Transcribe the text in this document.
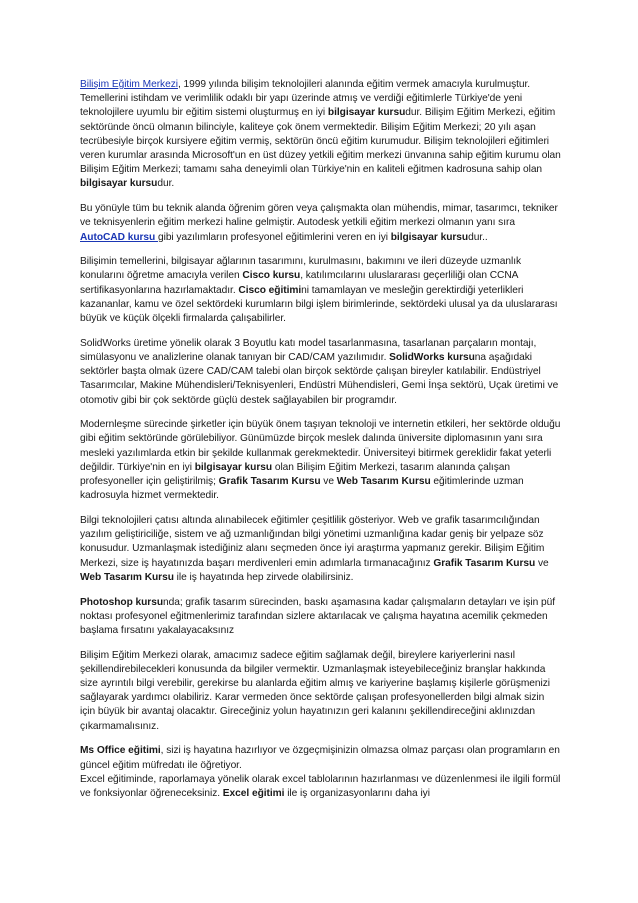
Bilişim Eğitim Merkezi, 1999 yılında bilişim teknolojileri alanında eğitim vermek amacıyla kurulmuştur. Temellerini istihdam ve verimlilik odaklı bir yapı üzerinde atmış ve verdiği eğitimlerle Türkiye'de yeni teknolojilere uyumlu bir eğitim sistemi oluşturmuş en iyi bilgisayar kursudur. Bilişim Eğitim Merkezi, eğitim sektöründe öncü olmanın bilinciyle, kaliteye çok önem vermektedir. Bilişim Eğitim Merkezi; 20 yılı aşan tecrübesiyle birçok kursiyere eğitim vermiş, sektörün öncü eğitim kurumudur. Bilişim teknolojileri eğitimleri veren kurumlar arasında Microsoft'un en üst düzey yetkili eğitim merkezi ünvanına sahip eğitim kurumu olan Bilişim Eğitim Merkezi; tamamı saha deneyimli olan Türkiye'nin en kaliteli eğitmen kadrosuna sahip olan bilgisayar kursudur.

Bu yönüyle tüm bu teknik alanda öğrenim gören veya çalışmakta olan mühendis, mimar, tasarımcı, tekniker ve teknisyenlerin eğitim merkezi haline gelmiştir. Autodesk yetkili eğitim merkezi olmanın yanı sıra AutoCAD kursu gibi yazılımların profesyonel eğitimlerini veren en iyi bilgisayar kursudur..

Bilişimin temellerini, bilgisayar ağlarının tasarımını, kurulmasını, bakımını ve ileri düzeyde uzmanlık konularını öğretme amacıyla verilen Cisco kursu, katılımcılarını uluslararası geçerliliği olan CCNA sertifikasyonlarına hazırlamaktadır. Cisco eğitimini tamamlayan ve mesleğin gerektirdiği yeterlikleri kazananlar, kamu ve özel sektördeki kurumların bilgi işlem birimlerinde, sektördeki ulusal ya da uluslararası büyük ve küçük ölçekli firmalarda çalışabilirler.

SolidWorks üretime yönelik olarak 3 Boyutlu katı model tasarlanmasına, tasarlanan parçaların montajı, simülasyonu ve analizlerine olanak tanıyan bir CAD/CAM yazılımıdır. SolidWorks kursuna aşağıdaki sektörler başta olmak üzere CAD/CAM talebi olan birçok sektörde çalışan bireyler katılabilir. Endüstriyel Tasarımcılar, Makine Mühendisleri/Teknisyenleri, Endüstri Mühendisleri, Gemi İnşa sektörü, Uçak üretimi ve otomotiv gibi bir çok sektörde güçlü destek sağlayabilen bir programdır.

Modernleşme sürecinde şirketler için büyük önem taşıyan teknoloji ve internetin etkileri, her sektörde olduğu gibi eğitim sektöründe görülebiliyor. Günümüzde birçok meslek dalında üniversite diplomasının yanı sıra mesleki yazılımlarda etkin bir şekilde kullanmak gerekmektedir. Üniversiteyi bitirmek gereklidir fakat yeterli değildir. Türkiye'nin en iyi bilgisayar kursu olan Bilişim Eğitim Merkezi, tasarım alanında çalışan profesyoneller için geliştirilmiş; Grafik Tasarım Kursu ve Web Tasarım Kursu eğitimlerinde uzman kadrosuyla hizmet vermektedir.

Bilgi teknolojileri çatısı altında alınabilecek eğitimler çeşitlilik gösteriyor. Web ve grafik tasarımcılığından yazılım geliştiriciliğe, sistem ve ağ uzmanlığından bilgi yönetimi uzmanlığına kadar geniş bir yelpaze söz konusudur. Uzmanlaşmak istediğiniz alanı seçmeden önce iyi araştırma yapmanız gerekir. Bilişim Eğitim Merkezi, size iş hayatınızda başarı merdivenleri emin adımlarla tırmanacağınız Grafik Tasarım Kursu ve Web Tasarım Kursu ile iş hayatında hep zirvede olabilirsiniz.

Photoshop kursunda; grafik tasarım sürecinden, baskı aşamasına kadar çalışmaların detayları ve işin püf noktası profesyonel eğitmenlerimiz tarafından sizlere aktarılacak ve çalışma hayatına acemilik çekmeden başlama fırsatını yakalayacaksınız

Bilişim Eğitim Merkezi olarak, amacımız sadece eğitim sağlamak değil, bireylere kariyerlerini nasıl şekillendirebilecekleri konusunda da bilgiler vermektir. Uzmanlaşmak isteyebileceğiniz branşlar hakkında size ayrıntılı bilgi verebilir, gerekirse bu alanlarda eğitim almış ve kariyerine başlamış kişilerle görüşmenizi sağlayarak yardımcı olabiliriz. Karar vermeden önce sektörde çalışan profesyonellerden bilgi almak sizin için büyük bir avantaj olacaktır. Gireceğiniz yolun hayatınızın geri kalanını şekillendireceğini aklınızdan çıkarmamalısınız.

Ms Office eğitimi, sizi iş hayatına hazırlıyor ve özgeçmişinizin olmazsa olmaz parçası olan programların en güncel eğitim müfredatı ile öğretiyor.
Excel eğitiminde, raporlamaya yönelik olarak excel tablolarının hazırlanması ve düzenlenmesi ile ilgili formül ve fonksiyonlar öğreneceksiniz. Excel eğitimi ile iş organizasyonlarını daha iyi
